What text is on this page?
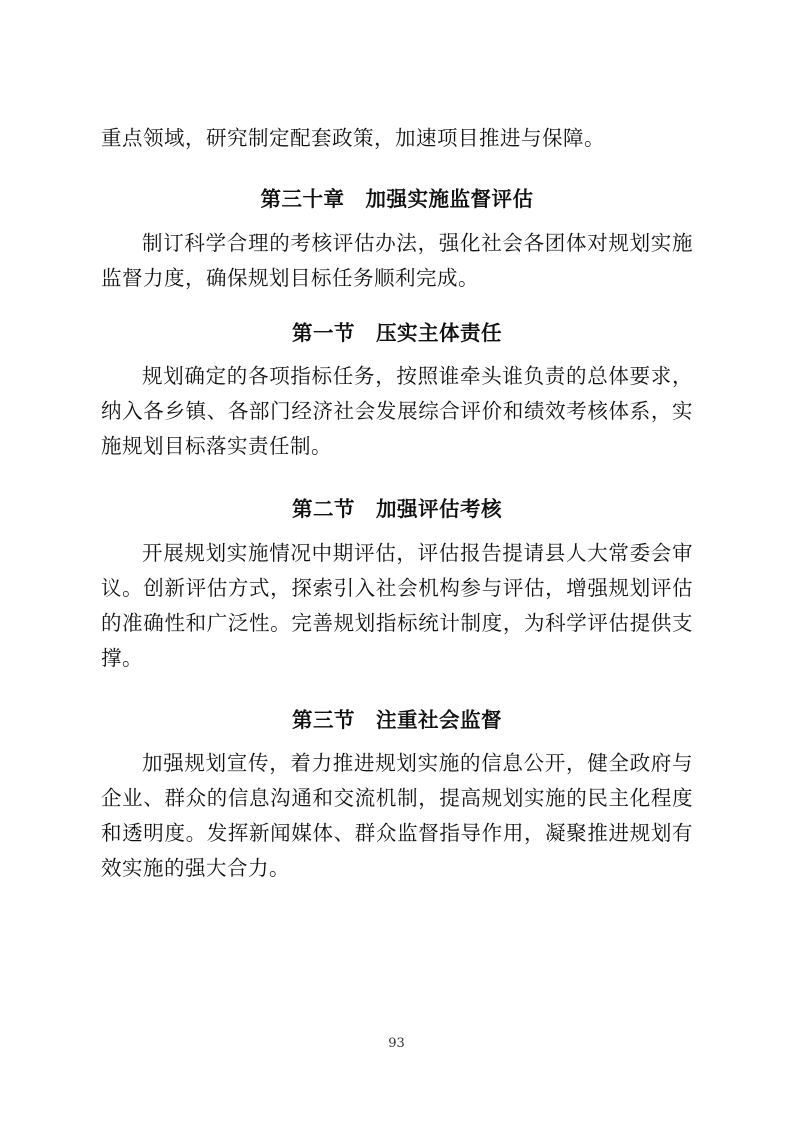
重点领域，研究制定配套政策，加速项目推进与保障。

第三十章　加强实施监督评估

制订科学合理的考核评估办法，强化社会各团体对规划实施监督力度，确保规划目标任务顺利完成。

第一节　压实主体责任

规划确定的各项指标任务，按照谁牵头谁负责的总体要求，纳入各乡镇、各部门经济社会发展综合评价和绩效考核体系，实施规划目标落实责任制。

第二节　加强评估考核

开展规划实施情况中期评估，评估报告提请县人大常委会审议。创新评估方式，探索引入社会机构参与评估，增强规划评估的准确性和广泛性。完善规划指标统计制度，为科学评估提供支撑。

第三节　注重社会监督

加强规划宣传，着力推进规划实施的信息公开，健全政府与企业、群众的信息沟通和交流机制，提高规划实施的民主化程度和透明度。发挥新闻媒体、群众监督指导作用，凝聚推进规划有效实施的强大合力。

93
